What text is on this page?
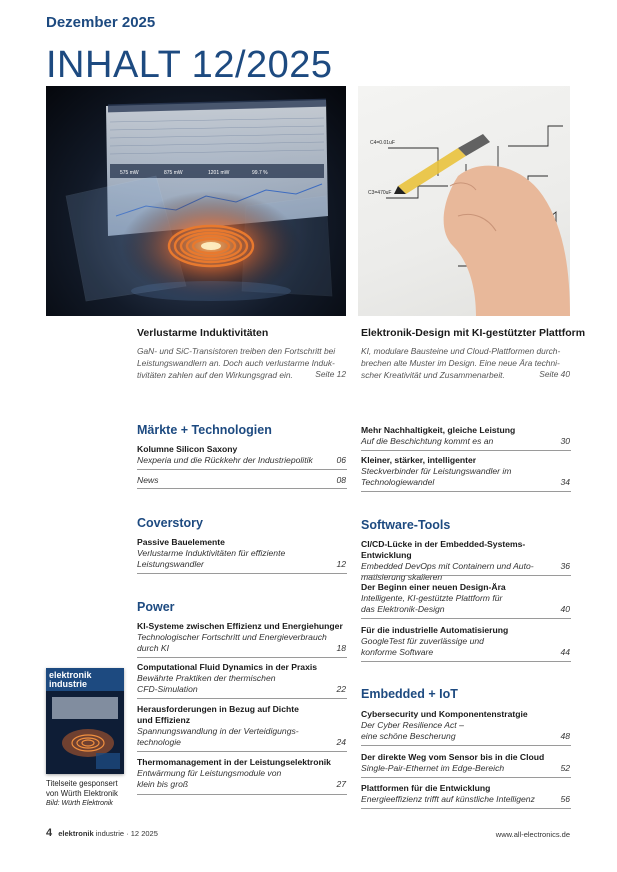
Dezember 2025
INHALT 12/2025
575 mW	875 mW	1201 mW	99.7 %
C4=0.01uF
C3=470uF
Verlustarme Induktivitäten
GaN- und SiC-Transistoren treiben den Fortschritt bei
Leistungswandlern an. Doch auch verlustarme Induk-
tivitäten zahlen auf den Wirkungsgrad ein.	Seite 12
Elektronik-Design mit KI-gestützter Plattform
KI, modulare Bausteine und Cloud-Plattformen durch-
brechen alte Muster im Design. Eine neue Ära techni-
scher Kreativität und Zusammenarbeit.	Seite 40
Märkte + Technologien
Kolumne Silicon Saxony
Nexperia und die Rückkehr der Industriepolitik	06
News	08
Coverstory
Passive Bauelemente
Verlustarme Induktivitäten für effiziente
Leistungswandler	12
Power
KI-Systeme zwischen Effizienz und Energiehunger
Technologischer Fortschritt und Energieverbrauch
durch KI	18
Computational Fluid Dynamics in der Praxis
Bewährte Praktiken der thermischen
CFD-Simulation	22
Herausforderungen in Bezug auf Dichte
und Effizienz
Spannungswandlung in der Verteidigungs-
technologie	24
Thermomanagement in der Leistungselektronik
Entwärmung für Leistungsmodule von
klein bis groß	27
elektronik
industrie
Titelseite gesponsert
von Würth Elektronik
Bild: Würth Elektronik
Mehr Nachhaltigkeit, gleiche Leistung
Auf die Beschichtung kommt es an	30
Kleiner, stärker, intelligenter
Steckverbinder für Leistungswandler im
Technologiewandel	34
Software-Tools
CI/CD-Lücke in der Embedded-Systems-Entwicklung
Embedded DevOps mit Containern und Auto-
matisierung skalieren
36
Der Beginn einer neuen Design-Ära
Intelligente, KI-gestützte Plattform für
das Elektronik-Design	40
Für die industrielle Automatisierung
GoogleTest für zuverlässige und
konforme Software	44
Embedded + IoT
Cybersecurity und Komponentenstratgie
Der Cyber Resilience Act –
eine schöne Bescherung	48
Der direkte Weg vom Sensor bis in die Cloud
Single-Pair-Ethernet im Edge-Bereich	52
Plattformen für die Entwicklung
Energieeffizienz trifft auf künstliche Intelligenz	56
4 elektronik industrie · 12 2025	www.all-electronics.de
